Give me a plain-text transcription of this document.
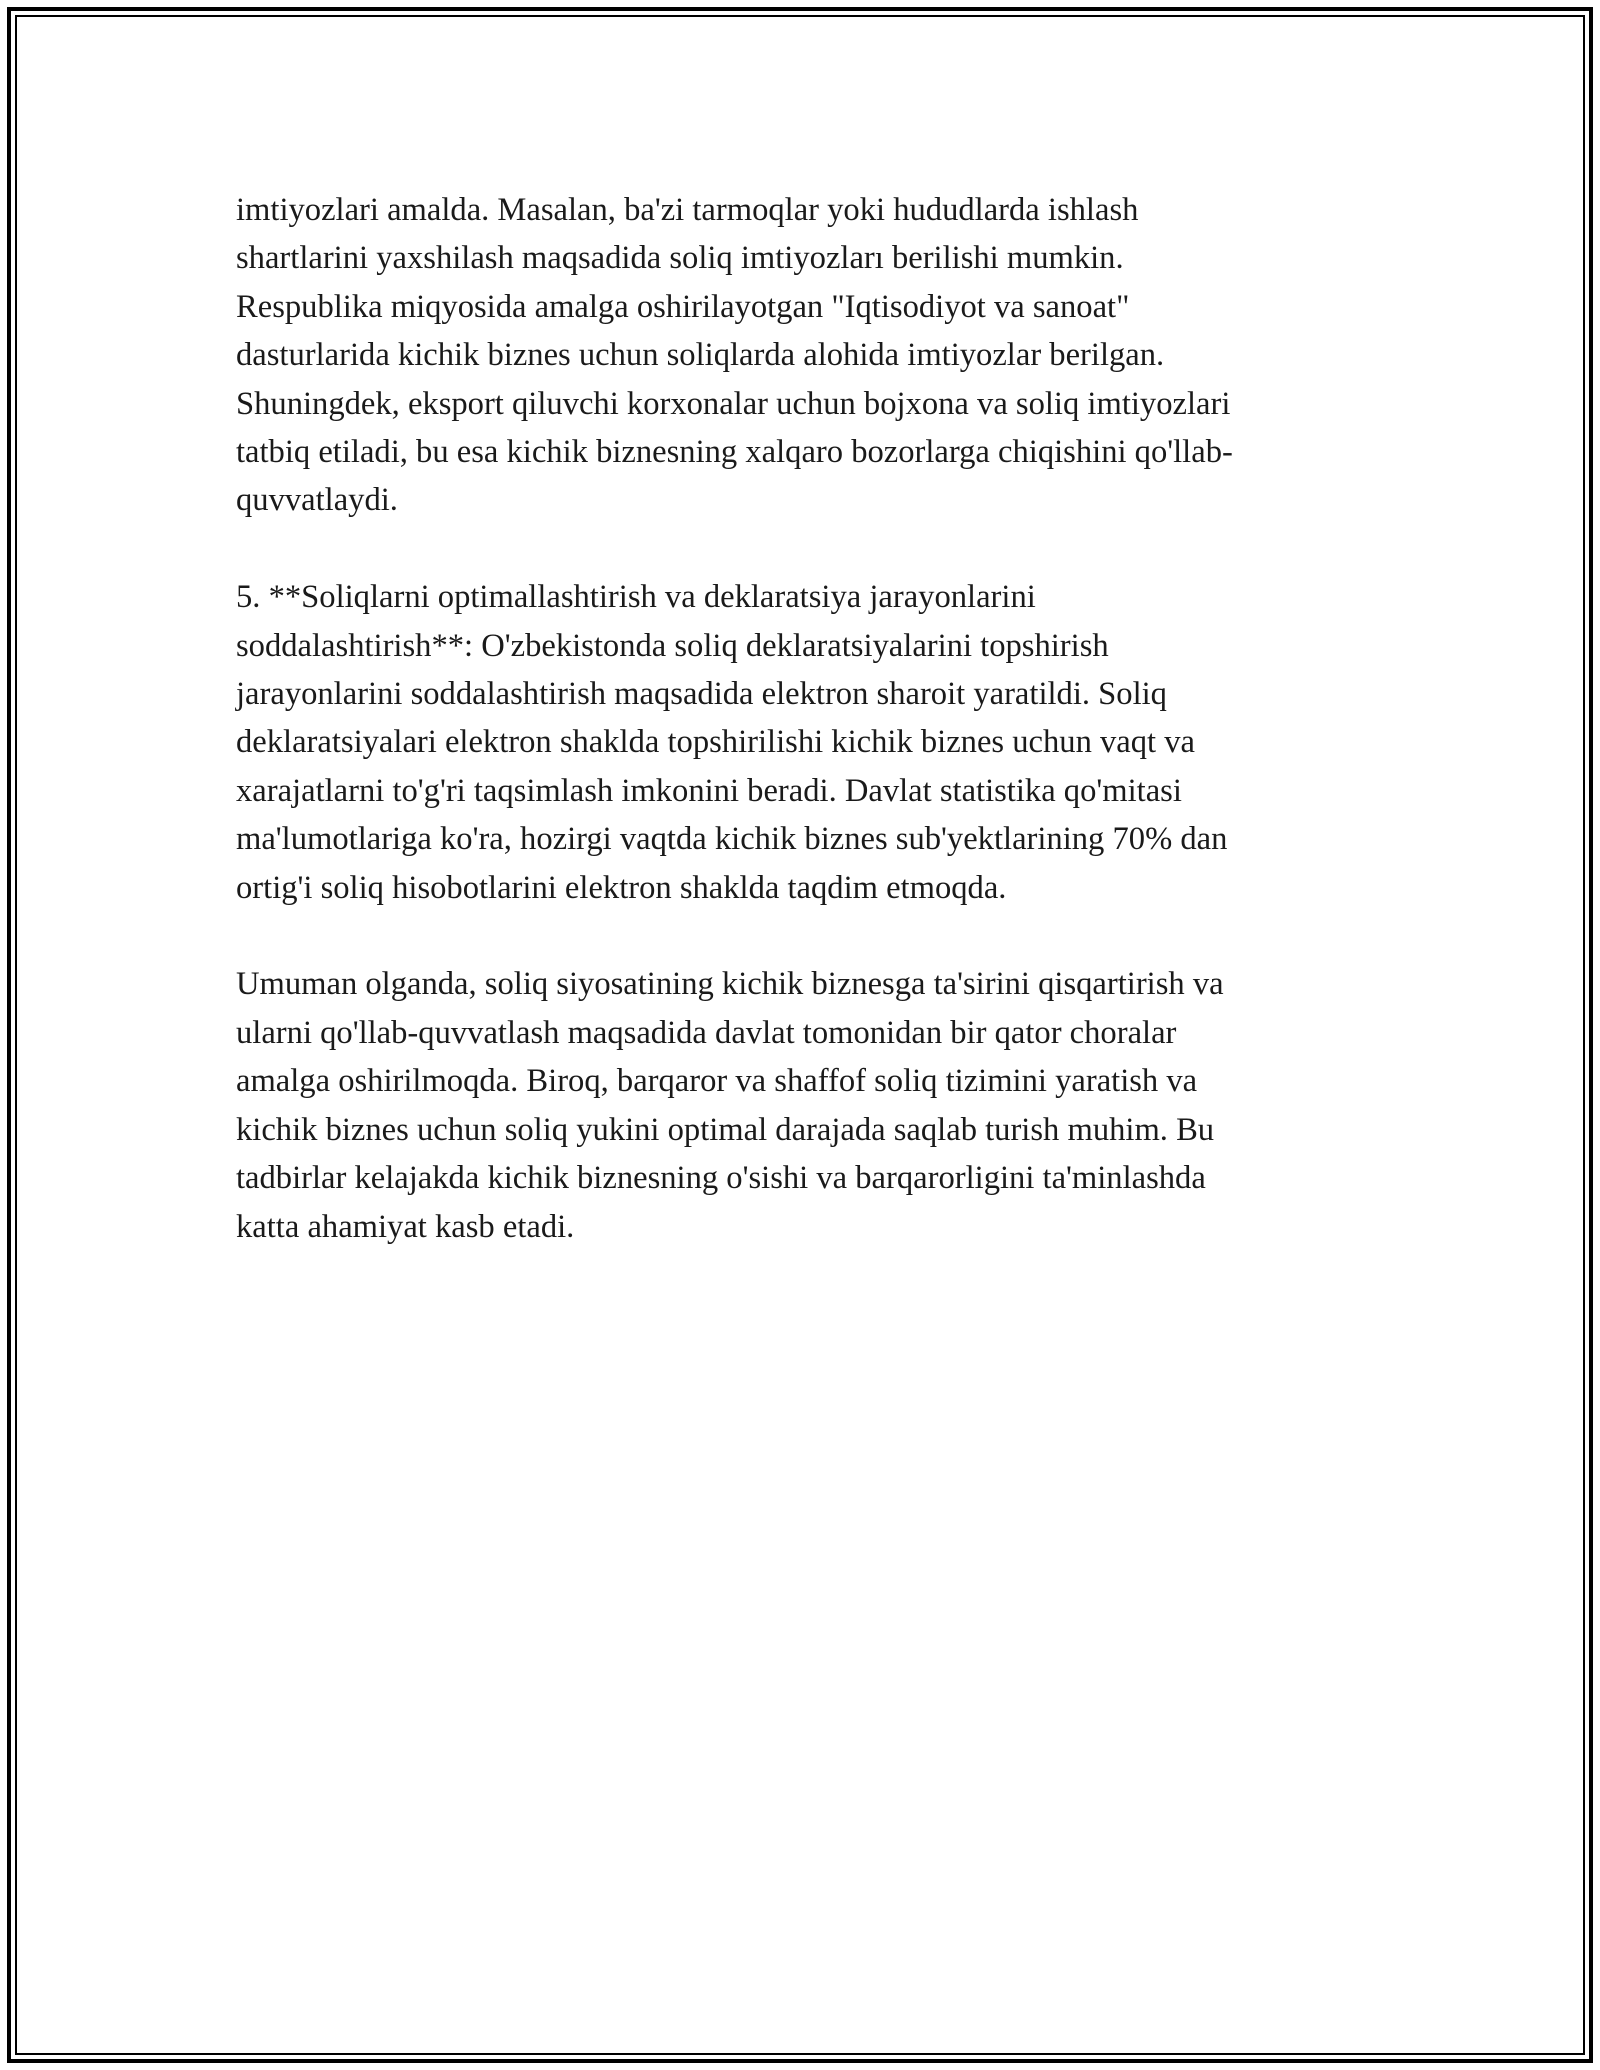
imtiyozlari amalda. Masalan, ba'zi tarmoqlar yoki hududlarda ishlash
shartlarini yaxshilash maqsadida soliq imtiyozları berilishi mumkin.
Respublika miqyosida amalga oshirilayotgan "Iqtisodiyot va sanoat"
dasturlarida kichik biznes uchun soliqlarda alohida imtiyozlar berilgan.
Shuningdek, eksport qiluvchi korxonalar uchun bojxona va soliq imtiyozlari
tatbiq etiladi, bu esa kichik biznesning xalqaro bozorlarga chiqishini qo'llab-
quvvatlaydi.

5. **Soliqlarni optimallashtirish va deklaratsiya jarayonlarini
soddalashtirish**: O'zbekistonda soliq deklaratsiyalarini topshirish
jarayonlarini soddalashtirish maqsadida elektron sharoit yaratildi. Soliq
deklaratsiyalari elektron shaklda topshirilishi kichik biznes uchun vaqt va
xarajatlarni to'g'ri taqsimlash imkonini beradi. Davlat statistika qo'mitasi
ma'lumotlariga ko'ra, hozirgi vaqtda kichik biznes sub'yektlarining 70% dan
ortig'i soliq hisobotlarini elektron shaklda taqdim etmoqda.

Umuman olganda, soliq siyosatining kichik biznesga ta'sirini qisqartirish va
ularni qo'llab-quvvatlash maqsadida davlat tomonidan bir qator choralar
amalga oshirilmoqda. Biroq, barqaror va shaffof soliq tizimini yaratish va
kichik biznes uchun soliq yukini optimal darajada saqlab turish muhim. Bu
tadbirlar kelajakda kichik biznesning o'sishi va barqarorligini ta'minlashda
katta ahamiyat kasb etadi.
